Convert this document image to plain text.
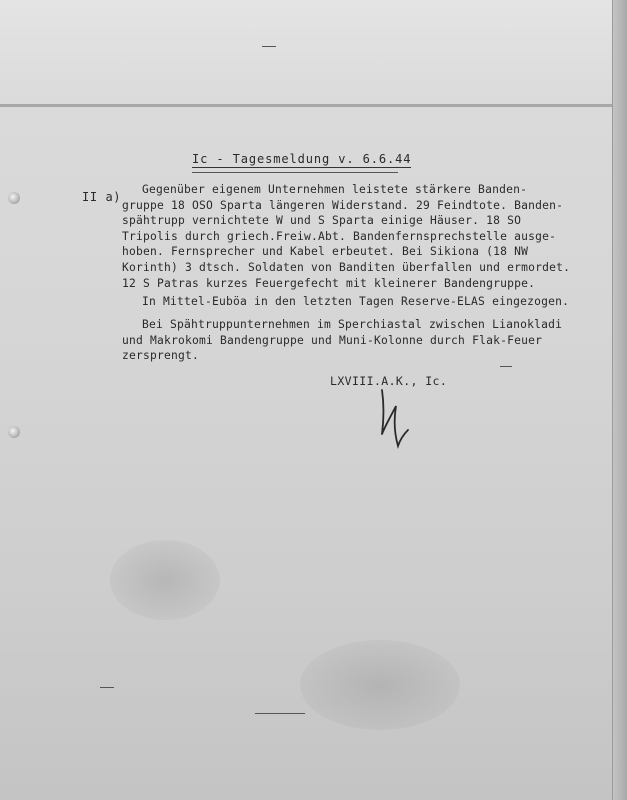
Ic - Tagesmeldung v. 6.6.44
II a)
Gegenüber eigenem Unternehmen leistete stärkere Banden-
gruppe 18 OSO Sparta längeren Widerstand. 29 Feindtote. Banden-
spähtrupp vernichtete W und S Sparta einige Häuser. 18 SO
Tripolis durch griech.Freiw.Abt. Bandenfernsprechstelle ausge-
hoben. Fernsprecher und Kabel erbeutet. Bei Sikiona (18 NW
Korinth) 3 dtsch. Soldaten von Banditen überfallen und ermordet.
12 S Patras kurzes Feuergefecht mit kleinerer Bandengruppe.
In Mittel-Euböa in den letzten Tagen Reserve-ELAS eingezogen.
Bei Spähtruppunternehmen im Sperchiastal zwischen Lianokladi
und Makrokomi Bandengruppe und Muni-Kolonne durch Flak-Feuer
zersprengt.
LXVIII.A.K., Ic.
